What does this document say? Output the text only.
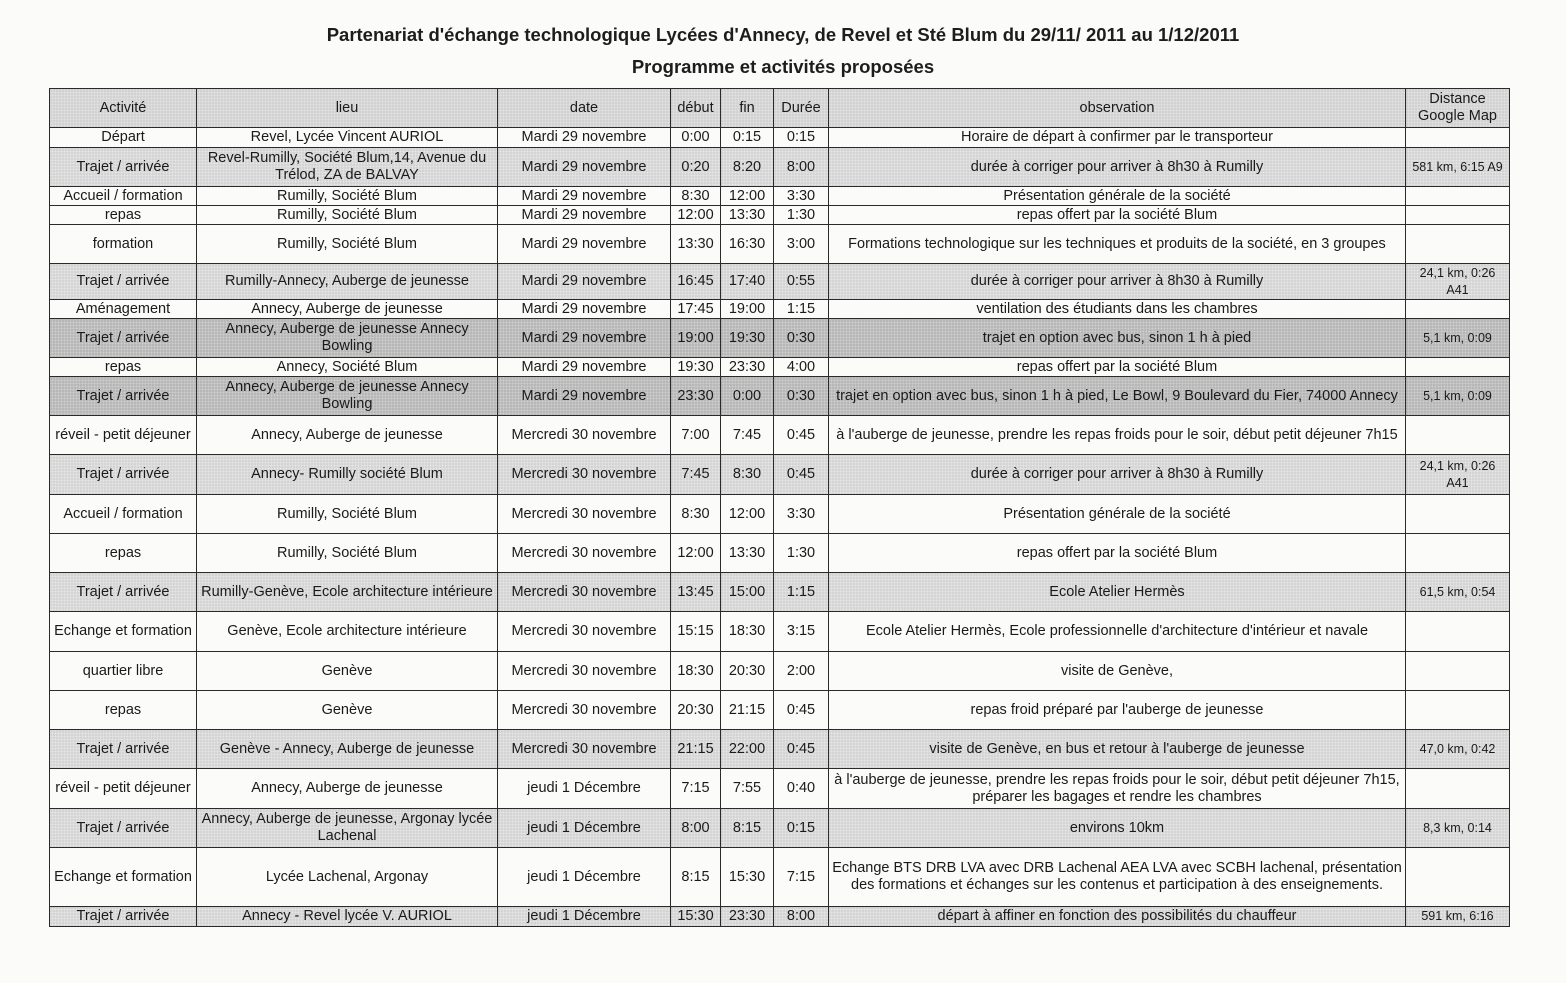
Partenariat d'échange technologique Lycées d'Annecy, de Revel et Sté Blum du 29/11/ 2011 au 1/12/2011
Programme et activités proposées
Activité	lieu	date	début	fin	Durée	observation	Distance Google Map
Départ	Revel, Lycée Vincent AURIOL	Mardi 29 novembre	0:00	0:15	0:15	Horaire de départ à confirmer par le transporteur	
Trajet / arrivée	Revel-Rumilly, Société Blum,14, Avenue du Trélod, ZA de BALVAY	Mardi 29 novembre	0:20	8:20	8:00	durée à corriger pour arriver à 8h30 à Rumilly	581 km, 6:15 A9
Accueil / formation	Rumilly, Société Blum	Mardi 29 novembre	8:30	12:00	3:30	Présentation générale de la société	
repas	Rumilly, Société Blum	Mardi 29 novembre	12:00	13:30	1:30	repas offert par la société Blum	
formation	Rumilly, Société Blum	Mardi 29 novembre	13:30	16:30	3:00	Formations technologique sur les techniques et produits de la société, en 3 groupes	
Trajet / arrivée	Rumilly-Annecy, Auberge de jeunesse	Mardi 29 novembre	16:45	17:40	0:55	durée à corriger pour arriver à 8h30 à Rumilly	24,1 km, 0:26 A41
Aménagement	Annecy, Auberge de jeunesse	Mardi 29 novembre	17:45	19:00	1:15	ventilation des étudiants dans les chambres	
Trajet / arrivée	Annecy, Auberge de jeunesse Annecy Bowling	Mardi 29 novembre	19:00	19:30	0:30	trajet en option avec bus, sinon 1 h à pied	5,1 km, 0:09
repas	Annecy, Société Blum	Mardi 29 novembre	19:30	23:30	4:00	repas offert par la société Blum	
Trajet / arrivée	Annecy, Auberge de jeunesse Annecy Bowling	Mardi 29 novembre	23:30	0:00	0:30	trajet en option avec bus, sinon 1 h à pied, Le Bowl, 9 Boulevard du Fier, 74000 Annecy	5,1 km, 0:09
réveil - petit déjeuner	Annecy, Auberge de jeunesse	Mercredi 30 novembre	7:00	7:45	0:45	à l'auberge de jeunesse, prendre les repas froids pour le soir, début petit déjeuner 7h15	
Trajet / arrivée	Annecy- Rumilly société Blum	Mercredi 30 novembre	7:45	8:30	0:45	durée à corriger pour arriver à 8h30 à Rumilly	24,1 km, 0:26 A41
Accueil / formation	Rumilly, Société Blum	Mercredi 30 novembre	8:30	12:00	3:30	Présentation générale de la société	
repas	Rumilly, Société Blum	Mercredi 30 novembre	12:00	13:30	1:30	repas offert par la société Blum	
Trajet / arrivée	Rumilly-Genève, Ecole architecture intérieure	Mercredi 30 novembre	13:45	15:00	1:15	Ecole Atelier Hermès	61,5 km, 0:54
Echange et formation	Genève, Ecole architecture intérieure	Mercredi 30 novembre	15:15	18:30	3:15	Ecole Atelier Hermès, Ecole professionnelle d'architecture d'intérieur et navale	
quartier libre	Genève	Mercredi 30 novembre	18:30	20:30	2:00	visite de Genève,	
repas	Genève	Mercredi 30 novembre	20:30	21:15	0:45	repas froid préparé par l'auberge de jeunesse	
Trajet / arrivée	Genève - Annecy, Auberge de jeunesse	Mercredi 30 novembre	21:15	22:00	0:45	visite de Genève, en bus et retour à l'auberge de jeunesse	47,0 km, 0:42
réveil - petit déjeuner	Annecy, Auberge de jeunesse	jeudi 1 Décembre	7:15	7:55	0:40	à l'auberge de jeunesse, prendre les repas froids pour le soir, début petit déjeuner 7h15, préparer les bagages et rendre les chambres	
Trajet / arrivée	Annecy, Auberge de jeunesse, Argonay lycée Lachenal	jeudi 1 Décembre	8:00	8:15	0:15	environs 10km	8,3 km, 0:14
Echange et formation	Lycée Lachenal, Argonay	jeudi 1 Décembre	8:15	15:30	7:15	Echange BTS DRB LVA avec DRB Lachenal AEA LVA avec SCBH lachenal, présentation des formations et échanges sur les contenus et participation à des enseignements.	
Trajet / arrivée	Annecy - Revel lycée V. AURIOL	jeudi 1 Décembre	15:30	23:30	8:00	départ à affiner en fonction des possibilités du chauffeur	591 km, 6:16
